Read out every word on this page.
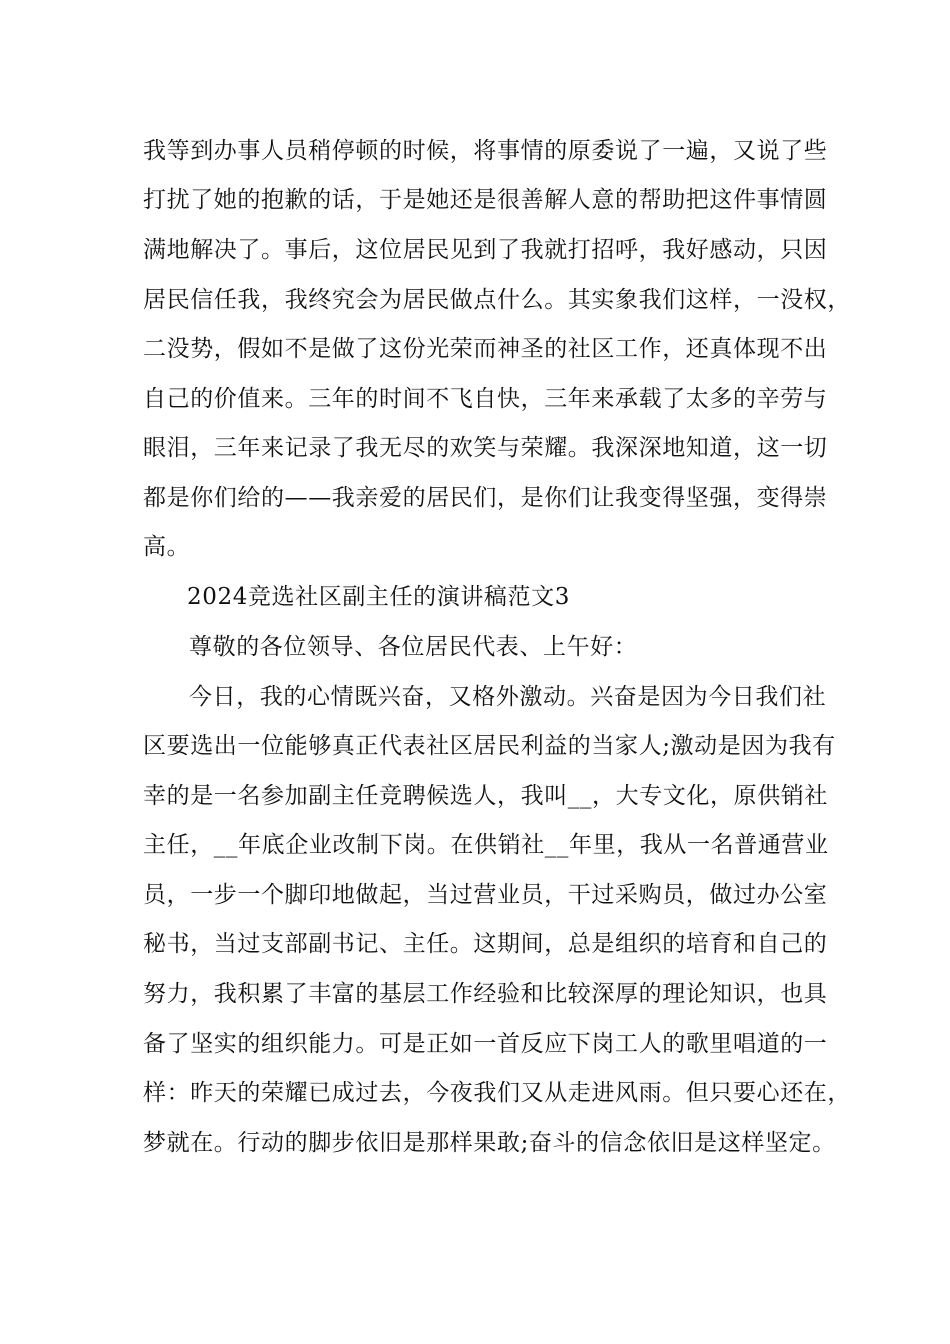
我等到办事人员稍停顿的时候，将事情的原委说了一遍，又说了些
打扰了她的抱歉的话，于是她还是很善解人意的帮助把这件事情圆
满地解决了。事后，这位居民见到了我就打招呼，我好感动，只因
居民信任我，我终究会为居民做点什么。其实象我们这样，一没权，
二没势，假如不是做了这份光荣而神圣的社区工作，还真体现不出
自己的价值来。三年的时间不飞自快，三年来承载了太多的辛劳与
眼泪，三年来记录了我无尽的欢笑与荣耀。我深深地知道，这一切
都是你们给的——我亲爱的居民们，是你们让我变得坚强，变得崇
高。
2024竞选社区副主任的演讲稿范文3
尊敬的各位领导、各位居民代表、上午好：
今日，我的心情既兴奋，又格外激动。兴奋是因为今日我们社
区要选出一位能够真正代表社区居民利益的当家人;激动是因为我有
幸的是一名参加副主任竞聘候选人，我叫__，大专文化，原供销社
主任，__年底企业改制下岗。在供销社__年里，我从一名普通营业
员，一步一个脚印地做起，当过营业员，干过采购员，做过办公室
秘书，当过支部副书记、主任。这期间，总是组织的培育和自己的
努力，我积累了丰富的基层工作经验和比较深厚的理论知识，也具
备了坚实的组织能力。可是正如一首反应下岗工人的歌里唱道的一
样：昨天的荣耀已成过去，今夜我们又从走进风雨。但只要心还在，
梦就在。行动的脚步依旧是那样果敢;奋斗的信念依旧是这样坚定。
